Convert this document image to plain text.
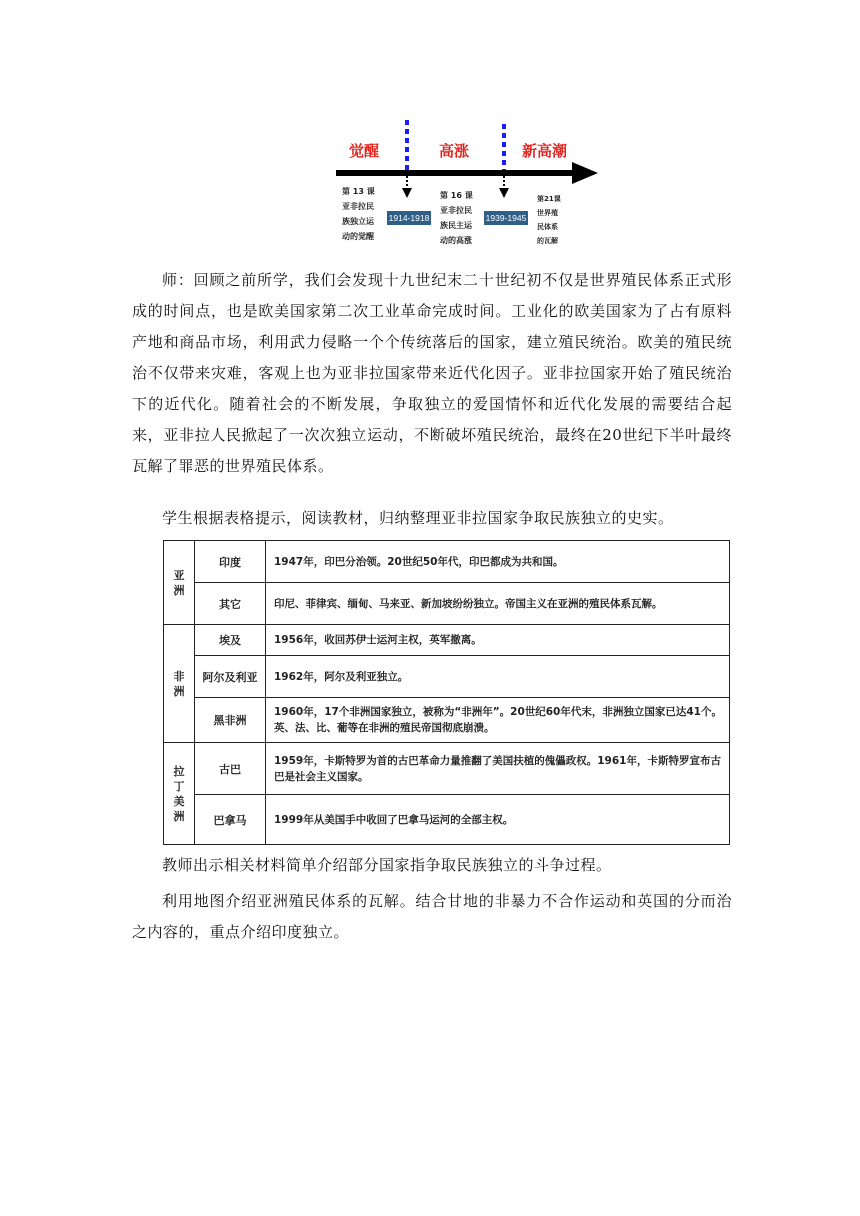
觉醒	高涨	新高潮
1914-1918	1939-1945
第 13 课
亚非拉民
族独立运
动的觉醒
第 16 课
亚非拉民
族民主运
动的高涨
第21课
世界殖
民体系
的瓦解

师：回顾之前所学，我们会发现十九世纪末二十世纪初不仅是世界殖民体系正式形成的时间点，也是欧美国家第二次工业革命完成时间。工业化的欧美国家为了占有原料产地和商品市场，利用武力侵略一个个传统落后的国家，建立殖民统治。欧美的殖民统治不仅带来灾难，客观上也为亚非拉国家带来近代化因子。亚非拉国家开始了殖民统治下的近代化。随着社会的不断发展，争取独立的爱国情怀和近代化发展的需要结合起来，亚非拉人民掀起了一次次独立运动，不断破坏殖民统治，最终在20世纪下半叶最终瓦解了罪恶的世界殖民体系。

学生根据表格提示，阅读教材，归纳整理亚非拉国家争取民族独立的史实。

亚
洲	印度	1947年，印巴分治领。20世纪50年代，印巴都成为共和国。
	其它	印尼、菲律宾、缅甸、马来亚、新加坡纷纷独立。帝国主义在亚洲的殖民体系瓦解。
非
洲	埃及	1956年，收回苏伊士运河主权，英军撤离。
	阿尔及利亚	1962年，阿尔及利亚独立。
	黑非洲	1960年，17个非洲国家独立，被称为“非洲年”。20世纪60年代末，非洲独立国家已达41个。英、法、比、葡等在非洲的殖民帝国彻底崩溃。
拉
丁
美
洲	古巴	1959年，卡斯特罗为首的古巴革命力量推翻了美国扶植的傀儡政权。1961年，卡斯特罗宣布古巴是社会主义国家。
	巴拿马	1999年从美国手中收回了巴拿马运河的全部主权。

教师出示相关材料简单介绍部分国家指争取民族独立的斗争过程。

利用地图介绍亚洲殖民体系的瓦解。结合甘地的非暴力不合作运动和英国的分而治之内容的，重点介绍印度独立。
